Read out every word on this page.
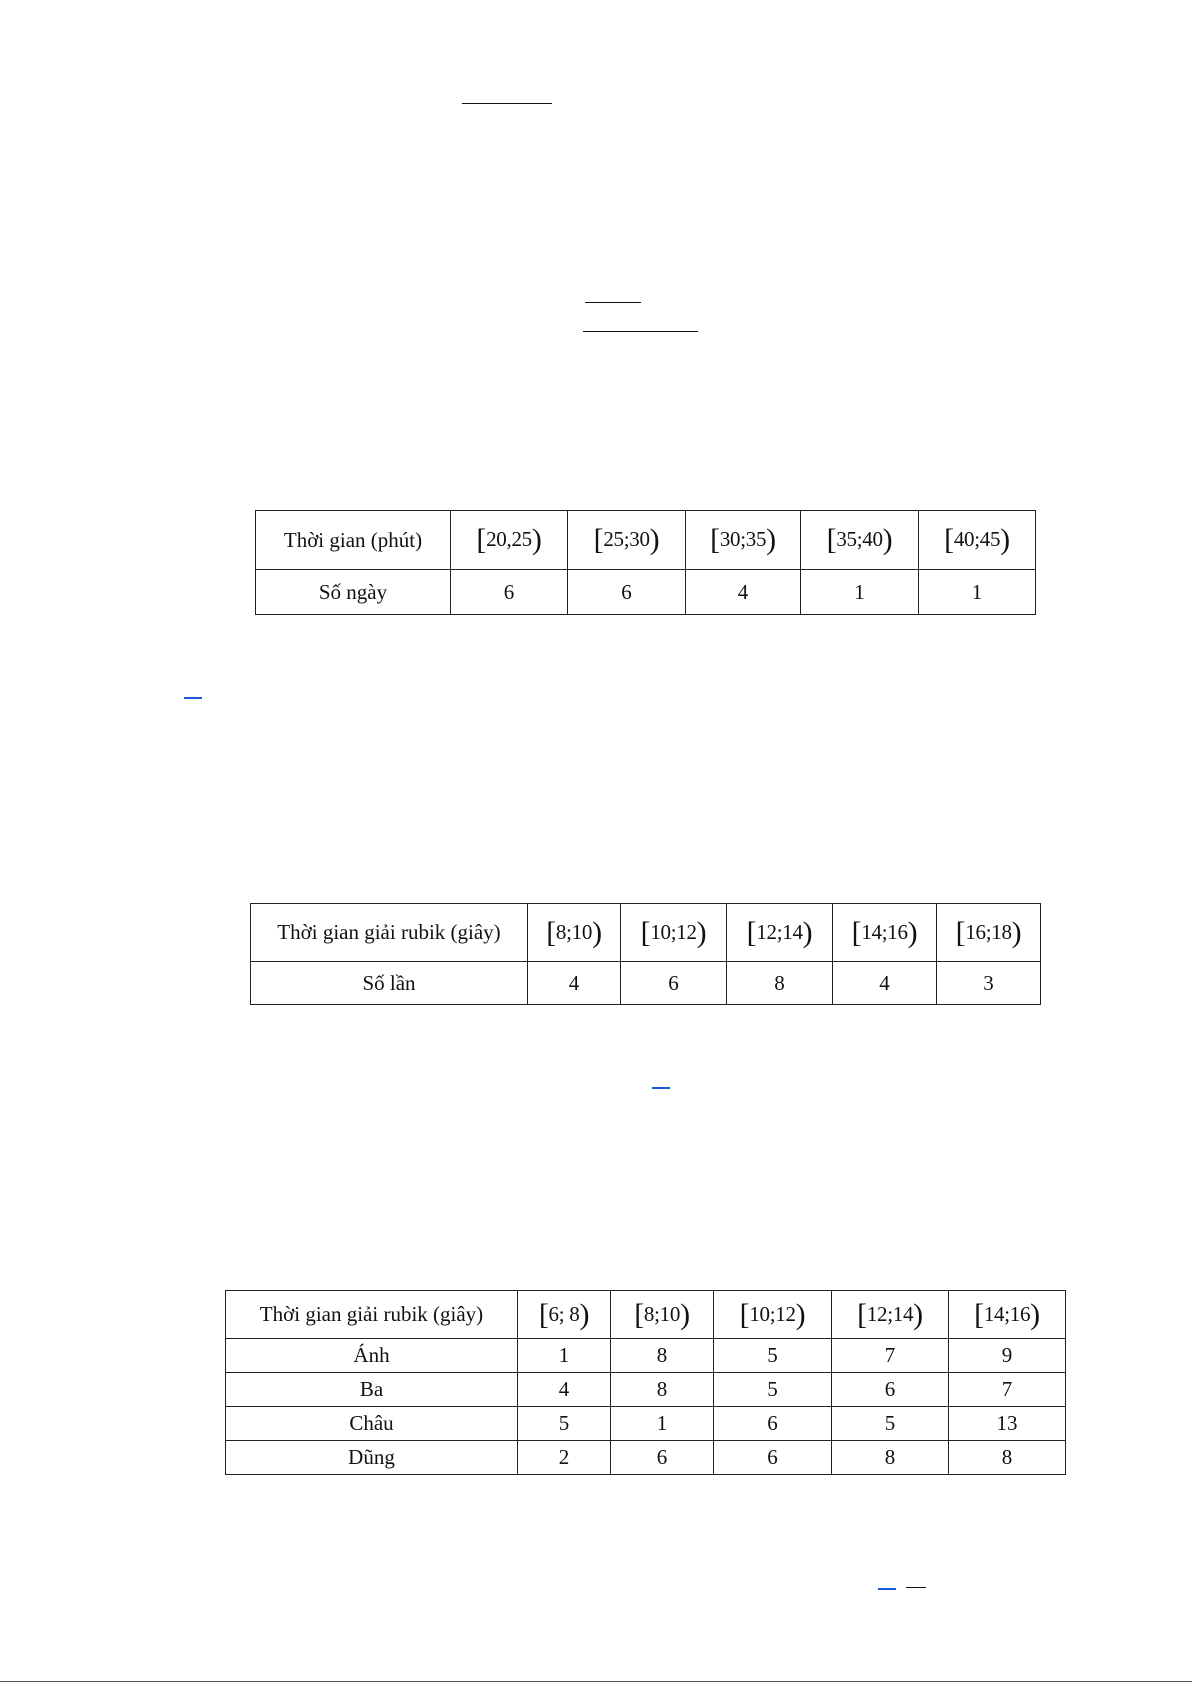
Thời gian (phút)	[20,25)	[25;30)	[30;35)	[35;40)	[40;45)
Số ngày	6	6	4	1	1
Thời gian giải rubik (giây)	[8;10)	[10;12)	[12;14)	[14;16)	[16;18)
Số lần	4	6	8	4	3
Thời gian giải rubik (giây)	[6; 8)	[8;10)	[10;12)	[12;14)	[14;16)
Ánh	1	8	5	7	9
Ba	4	8	5	6	7
Châu	5	1	6	5	13
Dũng	2	6	6	8	8
